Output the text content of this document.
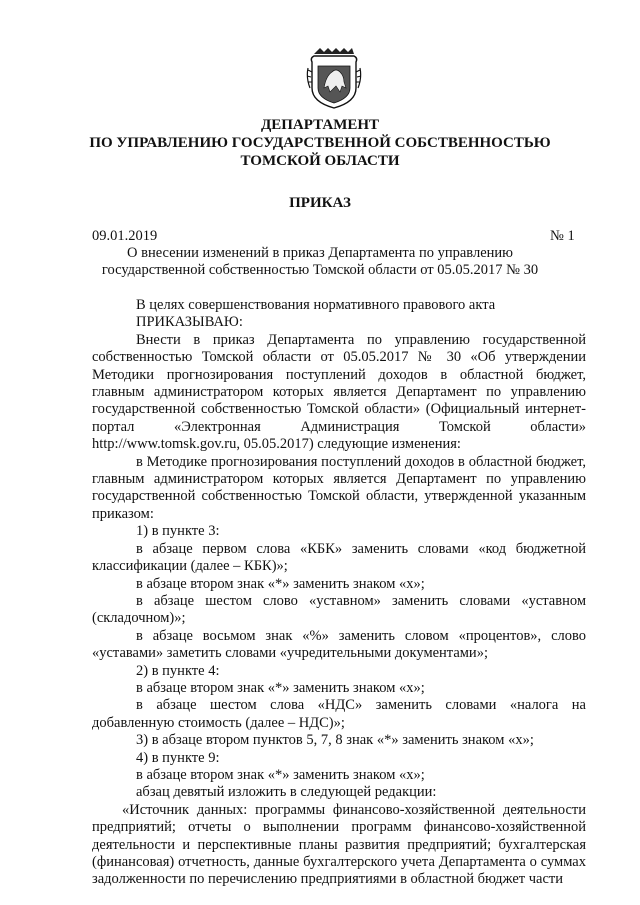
ДЕПАРТАМЕНТ
ПО УПРАВЛЕНИЮ ГОСУДАРСТВЕННОЙ СОБСТВЕННОСТЬЮ
ТОМСКОЙ ОБЛАСТИ
ПРИКАЗ
09.01.2019	№ 1
О внесении изменений в приказ Департамента по управлению
государственной собственностью Томской области от 05.05.2017 № 30

В целях совершенствования нормативного правового акта

ПРИКАЗЫВАЮ:

Внести в приказ Департамента по управлению государственной собственностью Томской области от 05.05.2017 № 30 «Об утверждении Методики прогнозирования поступлений доходов в областной бюджет, главным администратором которых является Департамент по управлению государственной собственностью Томской области» (Официальный интернет-портал «Электронная Администрация Томской области» http://www.tomsk.gov.ru, 05.05.2017) следующие изменения:

в Методике прогнозирования поступлений доходов в областной бюджет, главным администратором которых является Департамент по управлению государственной собственностью Томской области, утвержденной указанным приказом:

1) в пункте 3:

в абзаце первом слова «КБК» заменить словами «код бюджетной классификации (далее – КБК)»;

в абзаце втором знак «*» заменить знаком «х»;

в абзаце шестом слово «уставном» заменить словами «уставном (складочном)»;

в абзаце восьмом знак «%» заменить словом «процентов», слово «уставами» заметить словами «учредительными документами»;

2) в пункте 4:

в абзаце втором знак «*» заменить знаком «х»;

в абзаце шестом слова «НДС» заменить словами «налога на добавленную стоимость (далее – НДС)»;

3) в абзаце втором пунктов 5, 7, 8 знак «*» заменить знаком «х»;

4) в пункте 9:

в абзаце втором знак «*» заменить знаком «х»;

абзац девятый изложить в следующей редакции:

«Источник данных: программы финансово-хозяйственной деятельности предприятий; отчеты о выполнении программ финансово-хозяйственной деятельности и перспективные планы развития предприятий; бухгалтерская (финансовая) отчетность, данные бухгалтерского учета Департамента о суммах задолженности по перечислению предприятиями в областной бюджет части
